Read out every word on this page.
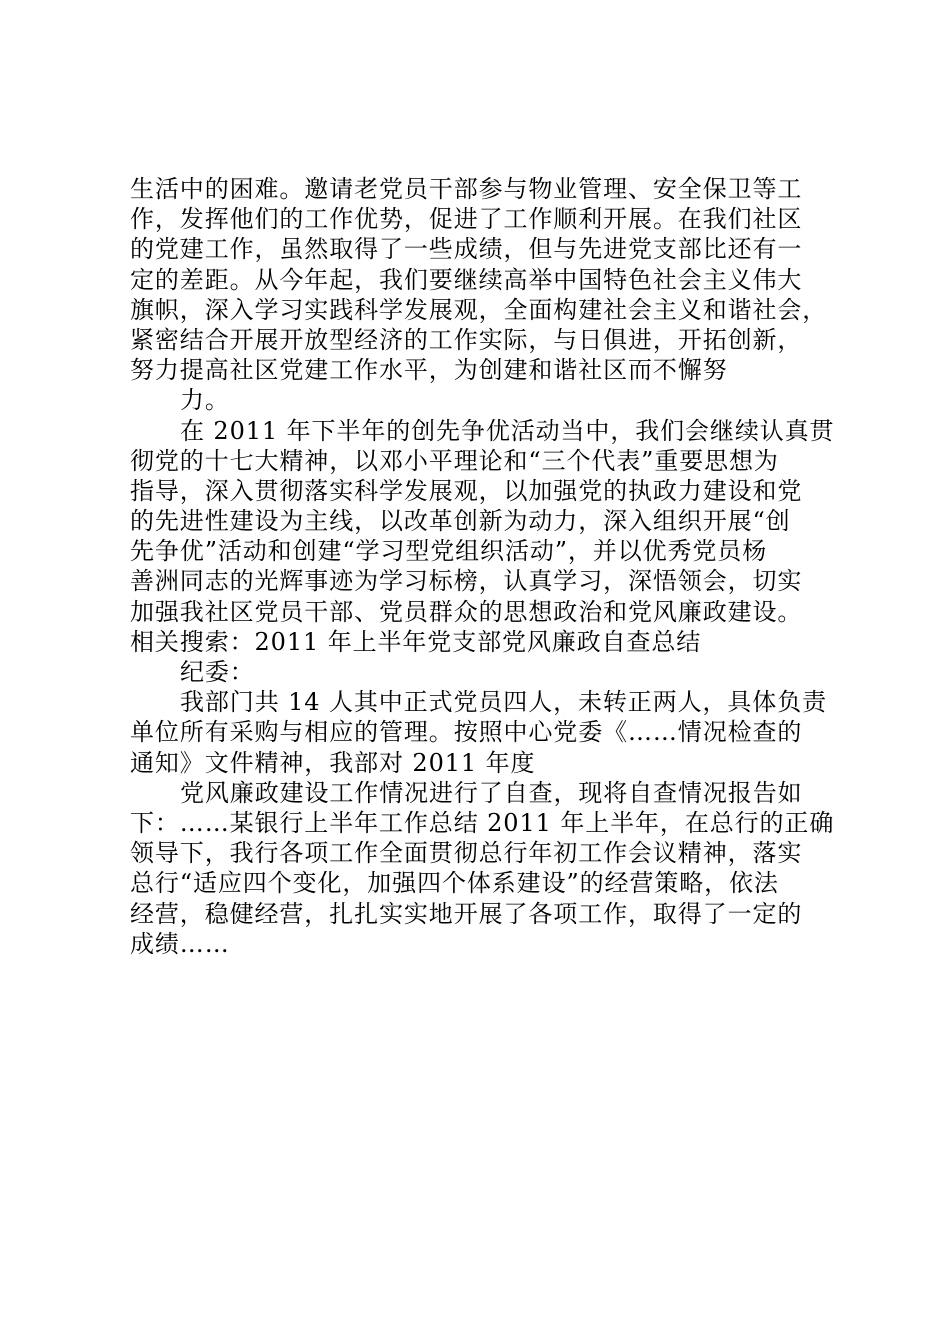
生活中的困难。邀请老党员干部参与物业管理、安全保卫等工
作，发挥他们的工作优势，促进了工作顺利开展。在我们社区
的党建工作，虽然取得了一些成绩，但与先进党支部比还有一
定的差距。从今年起，我们要继续高举中国特色社会主义伟大
旗帜，深入学习实践科学发展观，全面构建社会主义和谐社会，
紧密结合开展开放型经济的工作实际，与日俱进，开拓创新，
努力提高社区党建工作水平，为创建和谐社区而不懈努
力。
在 2011 年下半年的创先争优活动当中，我们会继续认真贯
彻党的十七大精神，以邓小平理论和“三个代表”重要思想为
指导，深入贯彻落实科学发展观，以加强党的执政力建设和党
的先进性建设为主线，以改革创新为动力，深入组织开展“创
先争优”活动和创建“学习型党组织活动”，并以优秀党员杨
善洲同志的光辉事迹为学习标榜，认真学习，深悟领会，切实
加强我社区党员干部、党员群众的思想政治和党风廉政建设。
相关搜索：2011 年上半年党支部党风廉政自查总结
纪委：
我部门共 14 人其中正式党员四人，未转正两人，具体负责
单位所有采购与相应的管理。按照中心党委《……情况检查的
通知》文件精神，我部对 2011 年度
党风廉政建设工作情况进行了自查，现将自查情况报告如
下：……某银行上半年工作总结 2011 年上半年，在总行的正确
领导下，我行各项工作全面贯彻总行年初工作会议精神，落实
总行“适应四个变化，加强四个体系建设”的经营策略，依法
经营，稳健经营，扎扎实实地开展了各项工作，取得了一定的
成绩……
